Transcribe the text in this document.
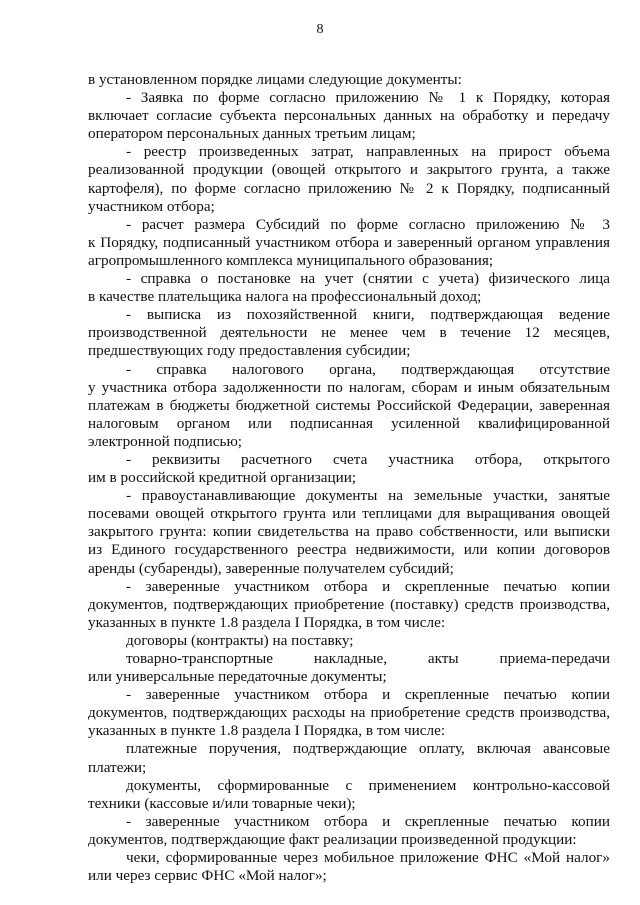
8
в установленном порядке лицами следующие документы:
- Заявка по форме согласно приложению № 1 к Порядку, которая
включает согласие субъекта персональных данных на обработку и передачу
оператором персональных данных третьим лицам;
- реестр произведенных затрат, направленных на прирост объема
реализованной продукции (овощей открытого и закрытого грунта, а также
картофеля), по форме согласно приложению № 2 к Порядку, подписанный
участником отбора;
- расчет размера Субсидий по форме согласно приложению № 3
к Порядку, подписанный участником отбора и заверенный органом управления
агропромышленного комплекса муниципального образования;
- справка о постановке на учет (снятии с учета) физического лица
в качестве плательщика налога на профессиональный доход;
- выписка из похозяйственной книги, подтверждающая ведение
производственной деятельности не менее чем в течение 12 месяцев,
предшествующих году предоставления субсидии;
- справка налогового органа, подтверждающая отсутствие
у участника отбора задолженности по налогам, сборам и иным обязательным
платежам в бюджеты бюджетной системы Российской Федерации, заверенная
налоговым органом или подписанная усиленной квалифицированной
электронной подписью;
- реквизиты расчетного счета участника отбора, открытого
им в российской кредитной организации;
- правоустанавливающие документы на земельные участки, занятые
посевами овощей открытого грунта или теплицами для выращивания овощей
закрытого грунта: копии свидетельства на право собственности, или выписки
из Единого государственного реестра недвижимости, или копии договоров
аренды (субаренды), заверенные получателем субсидий;
- заверенные участником отбора и скрепленные печатью копии
документов, подтверждающих приобретение (поставку) средств производства,
указанных в пункте 1.8 раздела I Порядка, в том числе:
договоры (контракты) на поставку;
товарно-транспортные накладные, акты приема-передачи
или универсальные передаточные документы;
- заверенные участником отбора и скрепленные печатью копии
документов, подтверждающих расходы на приобретение средств производства,
указанных в пункте 1.8 раздела I Порядка, в том числе:
платежные поручения, подтверждающие оплату, включая авансовые
платежи;
документы, сформированные с применением контрольно-кассовой
техники (кассовые и/или товарные чеки);
- заверенные участником отбора и скрепленные печатью копии
документов, подтверждающие факт реализации произведенной продукции:
чеки, сформированные через мобильное приложение ФНС «Мой налог»
или через сервис ФНС «Мой налог»;
